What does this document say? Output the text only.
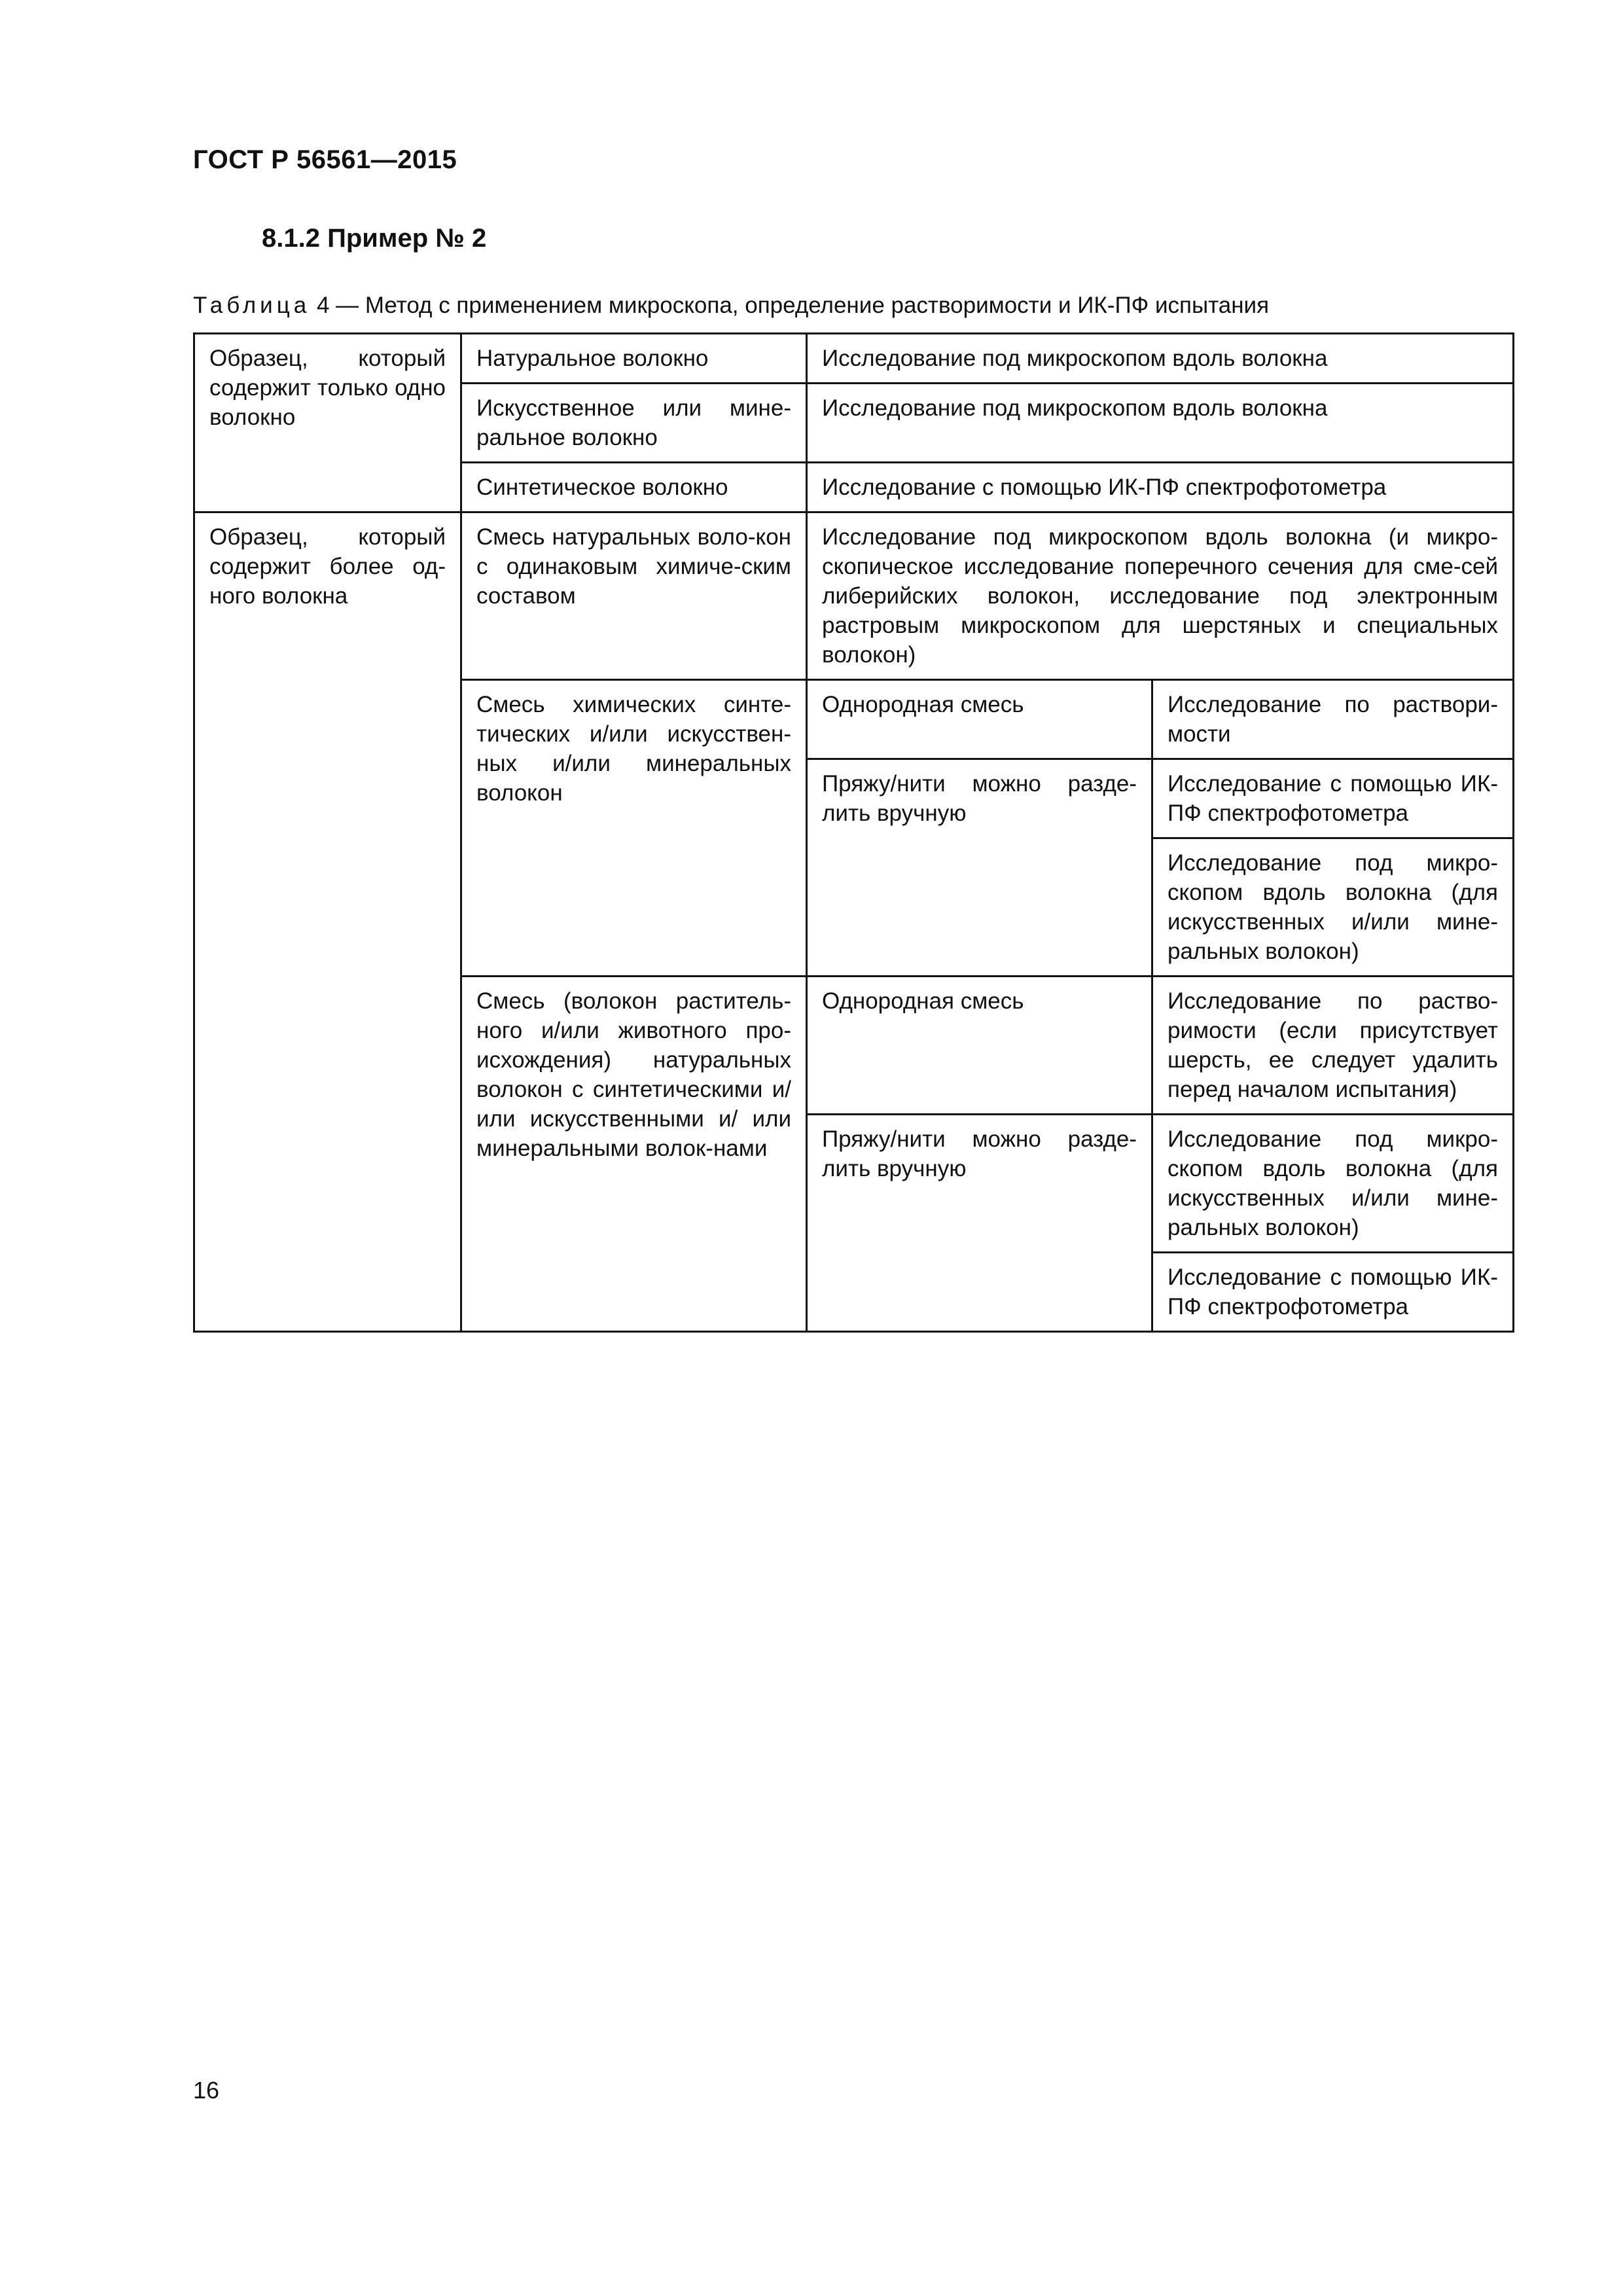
ГОСТ Р 56561—2015
8.1.2 Пример № 2
Таблица 4 — Метод с применением микроскопа, определение растворимости и ИК-ПФ испытания
Образец, который содержит только одно волокно	Натуральное волокно	Исследование под микроскопом вдоль волокна	
	Искусственное или мине-ральное волокно	Исследование под микроскопом вдоль волокна	
	Синтетическое волокно	Исследование с помощью ИК-ПФ спектрофотометра	
Образец, который содержит более од-ного волокна	Смесь натуральных воло-кон с одинаковым химиче-ским составом	Исследование под микроскопом вдоль волокна (и микро-скопическое исследование поперечного сечения для сме-сей либерийских волокон, исследование под электронным растровым микроскопом для шерстяных и специальных волокон)	
	Смесь химических синте-тических и/или искусствен-ных и/или минеральных волокон	Однородная смесь	Исследование по раствори-мости
		Пряжу/нити можно разде-лить вручную	Исследование с помощью ИК-ПФ спектрофотометра
			Исследование под микро-скопом вдоль волокна (для искусственных и/или мине-ральных волокон)
	Смесь (волокон раститель-ного и/или животного про-исхождения) натуральных волокон с синтетическими и/или искусственными и/ или минеральными волок-нами	Однородная смесь	Исследование по раство-римости (если присутствует шерсть, ее следует удалить перед началом испытания)
		Пряжу/нити можно разде-лить вручную	Исследование под микро-скопом вдоль волокна (для искусственных и/или мине-ральных волокон)
			Исследование с помощью ИК-ПФ спектрофотометра
16
